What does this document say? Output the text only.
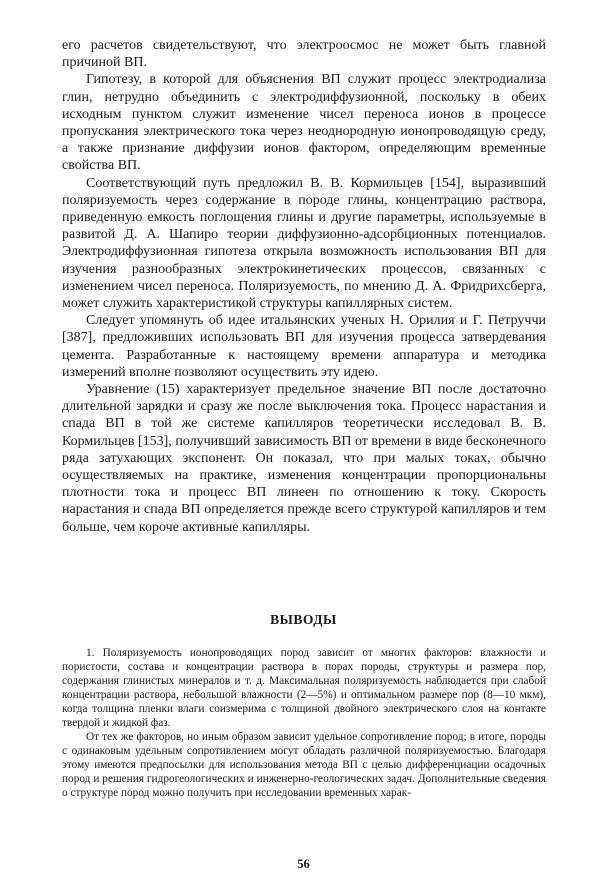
его расчетов свидетельствуют, что электроосмос не может быть главной причиной ВП.

Гипотезу, в которой для объяснения ВП служит процесс электродиализа глин, нетрудно объединить с электродиффузионной, поскольку в обеих исходным пунктом служит изменение чисел переноса ионов в процессе пропускания электрического тока через неоднородную ионопроводящую среду, а также признание диффузии ионов фактором, определяющим временные свойства ВП.

Соответствующий путь предложил В. В. Кормильцев [154], выразивший поляризуемость через содержание в породе глины, концентрацию раствора, приведенную емкость поглощения глины и другие параметры, используемые в развитой Д. А. Шапиро теории диффузионно-адсорбционных потенциалов. Электродиффузионная гипотеза открыла возможность использования ВП для изучения разнообразных электрокинетических процессов, связанных с изменением чисел переноса. Поляризуемость, по мнению Д. А. Фридрихсберга, может служить характеристикой структуры капиллярных систем.

Следует упомянуть об идее итальянских ученых Н. Орилия и Г. Петруччи [387], предложивших использовать ВП для изучения процесса затвердевания цемента. Разработанные к настоящему времени аппаратура и методика измерений вполне позволяют осуществить эту идею.

Уравнение (15) характеризует предельное значение ВП после достаточно длительной зарядки и сразу же после выключения тока. Процесс нарастания и спада ВП в той же системе капилляров теоретически исследовал В. В. Кормильцев [153], получивший зависимость ВП от времени в виде бесконечного ряда затухающих экспонент. Он показал, что при малых токах, обычно осуществляемых на практике, изменения концентрации пропорциональны плотности тока и процесс ВП линеен по отношению к току. Скорость нарастания и спада ВП определяется прежде всего структурой капилляров и тем больше, чем короче активные капилляры.

ВЫВОДЫ

1. Поляризуемость ионопроводящих пород зависит от многих факторов: влажности и пористости, состава и концентрации раствора в порах породы, структуры и размера пор, содержания глинистых минералов и т. д. Максимальная поляризуемость наблюдается при слабой концентрации раствора, небольшой влажности (2—5%) и оптимальном размере пор (8—10 мкм), когда толщина пленки влаги соизмерима с толщиной двойного электрического слоя на контакте твердой и жидкой фаз.

От тех же факторов, но иным образом зависит удельное сопротивление пород; в итоге, породы с одинаковым удельным сопротивлением могут обладать различной поляризуемостью. Благодаря этому имеются предпосылки для использования метода ВП с целью дифференциации осадочных пород и решения гидрогеологических и инженерно-геологических задач. Дополнительные сведения о структуре пород можно получить при исследовании временных харак-

56
